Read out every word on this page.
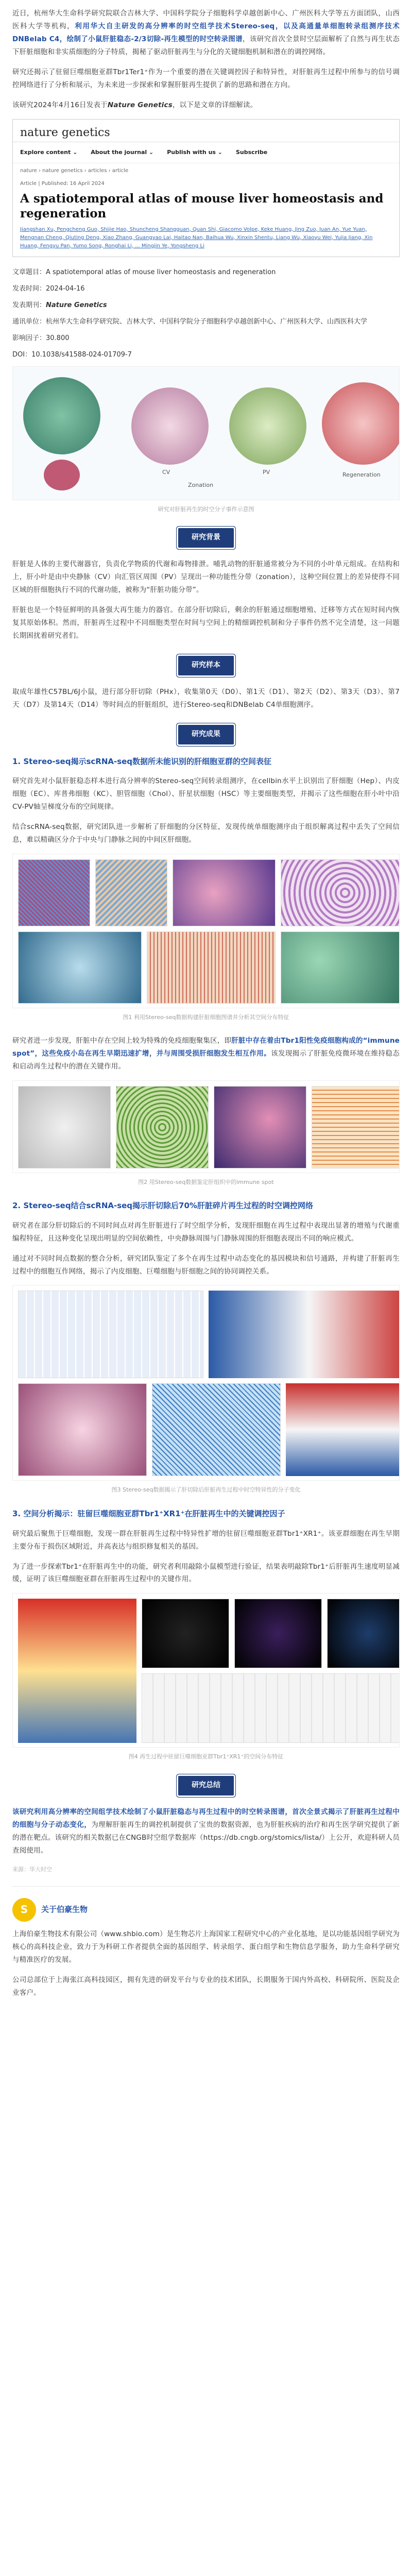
近日，杭州华大生命科学研究院联合吉林大学、中国科学院分子细胞科学卓越创新中心、广州医科大学等五方面团队，山西医科大学等机构，利用华大自主研发的高分辨率的时空组学技术Stereo-seq，以及高通量单细胞转录组测序技术DNBelab C4，绘制了小鼠肝脏稳态-2/3切除-再生模型的时空转录图谱，该研究首次全景时空层面解析了自然与再生状态下肝脏细胞和非实质细胞的分子特质，揭秘了驱动肝脏再生与分化的关键细胞机制和潜在的调控网络。

研究还揭示了驻留巨噬细胞亚群Tbr1Ter1⁺作为一个重要的潜在关键调控因子和特异性，对肝脏再生过程中所参与的信号调控网络进行了分析和展示，为未来进一步探索和掌握肝脏再生提供了新的思路和潜在方向。

该研究2024年4月16日发表于Nature Genetics，以下是文章的详细解读。

nature genetics
Explore content ⌄ About the journal ⌄ Publish with us ⌄ Subscribe
nature › nature genetics › articles › article
Article | Published: 16 April 2024
A spatiotemporal atlas of mouse liver homeostasis and regeneration
Jiangshan Xu, Pengcheng Guo, Shijie Hao, Shuncheng Shangguan, Quan Shi, Giacomo Volpe, Keke Huang, Jing Zuo, Juan An, Yue Yuan, Mengnan Cheng, Qiuting Deng, Xiao Zhang, Guangyao Lai, Haitao Nan, Baihua Wu, Xinxin Shentu, Liang Wu, Xiaoyu Wei, Yujia Jiang, Xin Huang, Fengyu Pan, Yumo Song, Ronghai Li, ... Mingjin Ye, Yongsheng Li

文章题目：A spatiotemporal atlas of mouse liver homeostasis and regeneration

发表时间：2024-04-16

发表期刊：Nature Genetics

通讯单位：杭州华大生命科学研究院、吉林大学、中国科学院分子细胞科学卓越创新中心、广州医科大学、山西医科大学

影响因子：30.800

DOI：10.1038/s41588-024-01709-7

CV	PV
Zonation
Regeneration
研究对肝脏再生的时空分子事件示意图
研究背景

肝脏是人体的主要代谢器官，负责化学物质的代谢和毒物排泄。哺乳动物的肝脏通常被分为不同的小叶单元组成。在结构和上，肝小叶是由中央静脉（CV）向汇管区周围（PV）呈现出一种功能性分带（zonation），这种空间位置上的差异使得不同区域的肝细胞执行不同的代谢功能，被称为“肝脏功能分带”。

肝脏也是一个特征鲜明的具备强大再生能力的器官。在部分肝切除后，剩余的肝脏通过细胞增殖、迁移等方式在短时间内恢复其原始体积。然而，肝脏再生过程中不同细胞类型在时间与空间上的精细调控机制和分子事件仍然不完全清楚，这一问题长期困扰着研究者们。

研究样本

取成年雄性C57BL/6J小鼠，进行部分肝切除（PHx），收集第0天（D0）、第1天（D1）、第2天（D2）、第3天（D3）、第7天（D7）及第14天（D14）等时间点的肝脏组织，进行Stereo-seq和DNBelab C4单细胞测序。

研究成果
1. Stereo-seq揭示scRNA-seq数据所未能识别的肝细胞亚群的空间表征

研究首先对小鼠肝脏稳态样本进行高分辨率的Stereo-seq空间转录组测序，在cellbin水平上识别出了肝细胞（Hep）、内皮细胞（EC）、库普弗细胞（KC）、胆管细胞（Chol）、肝星状细胞（HSC）等主要细胞类型，并揭示了这些细胞在肝小叶中沿CV-PV轴呈梯度分布的空间规律。

结合scRNA-seq数据，研究团队进一步解析了肝细胞的分区特征，发现传统单细胞测序由于组织解离过程中丢失了空间信息，难以精确区分介于中央与门静脉之间的中间区肝细胞。

图1 利用Stereo-seq数据构建肝脏细胞图谱并分析其空间分布特征

研究者进一步发现，肝脏中存在空间上较为特殊的免疫细胞聚集区，即肝脏中存在着由Tbr1阳性免疫细胞构成的“immune spot”，这些免疫小岛在再生早期迅速扩增，并与周围受损肝细胞发生相互作用。该发现揭示了肝脏免疫微环境在维持稳态和启动再生过程中的潜在关键作用。

图2 用Stereo-seq数据鉴定肝组织中的immune spot
2. Stereo-seq结合scRNA-seq揭示肝切除后70%肝脏碎片再生过程的时空调控网络

研究者在部分肝切除后的不同时间点对再生肝脏进行了时空组学分析，发现肝细胞在再生过程中表现出显著的增殖与代谢重编程特征，且这种变化呈现出明显的空间依赖性，中央静脉周围与门静脉周围的肝细胞表现出不同的响应模式。

通过对不同时间点数据的整合分析，研究团队鉴定了多个在再生过程中动态变化的基因模块和信号通路，并构建了肝脏再生过程中的细胞互作网络，揭示了内皮细胞、巨噬细胞与肝细胞之间的协同调控关系。

图3 Stereo-seq数据揭示了肝切除后肝脏再生过程中时空特异性的分子变化
3. 空间分析揭示：驻留巨噬细胞亚群Tbr1⁺XR1⁺在肝脏再生中的关键调控因子

研究最后聚焦于巨噬细胞，发现一群在肝脏再生过程中特异性扩增的驻留巨噬细胞亚群Tbr1⁺XR1⁺。该亚群细胞在再生早期主要分布于损伤区域附近，并高表达与组织修复相关的基因。

为了进一步探索Tbr1⁺在肝脏再生中的功能，研究者利用敲除小鼠模型进行验证，结果表明敲除Tbr1⁺后肝脏再生速度明显减缓，证明了该巨噬细胞亚群在肝脏再生过程中的关键作用。

图4 再生过程中驻留巨噬细胞亚群Tbr1⁺XR1⁺的空间分布特征
研究总结

该研究利用高分辨率的空间组学技术绘制了小鼠肝脏稳态与再生过程中的时空转录图谱，首次全景式揭示了肝脏再生过程中的细胞与分子动态变化，为理解肝脏再生的调控机制提供了宝贵的数据资源，也为肝脏疾病的治疗和再生医学研究提供了新的潜在靶点。该研究的相关数据已在CNGB时空组学数据库（https://db.cngb.org/stomics/lista/）上公开，欢迎科研人员查阅使用。

来源：华大时空
S	关于伯豪生物

上海伯豪生物技术有限公司（www.shbio.com）是生物芯片上海国家工程研究中心的产业化基地，是以功能基因组学研究为核心的高科技企业，致力于为科研工作者提供全面的基因组学、转录组学、蛋白组学和生物信息学服务，助力生命科学研究与精准医疗的发展。

公司总部位于上海张江高科技园区，拥有先进的研发平台与专业的技术团队，长期服务于国内外高校、科研院所、医院及企业客户。
